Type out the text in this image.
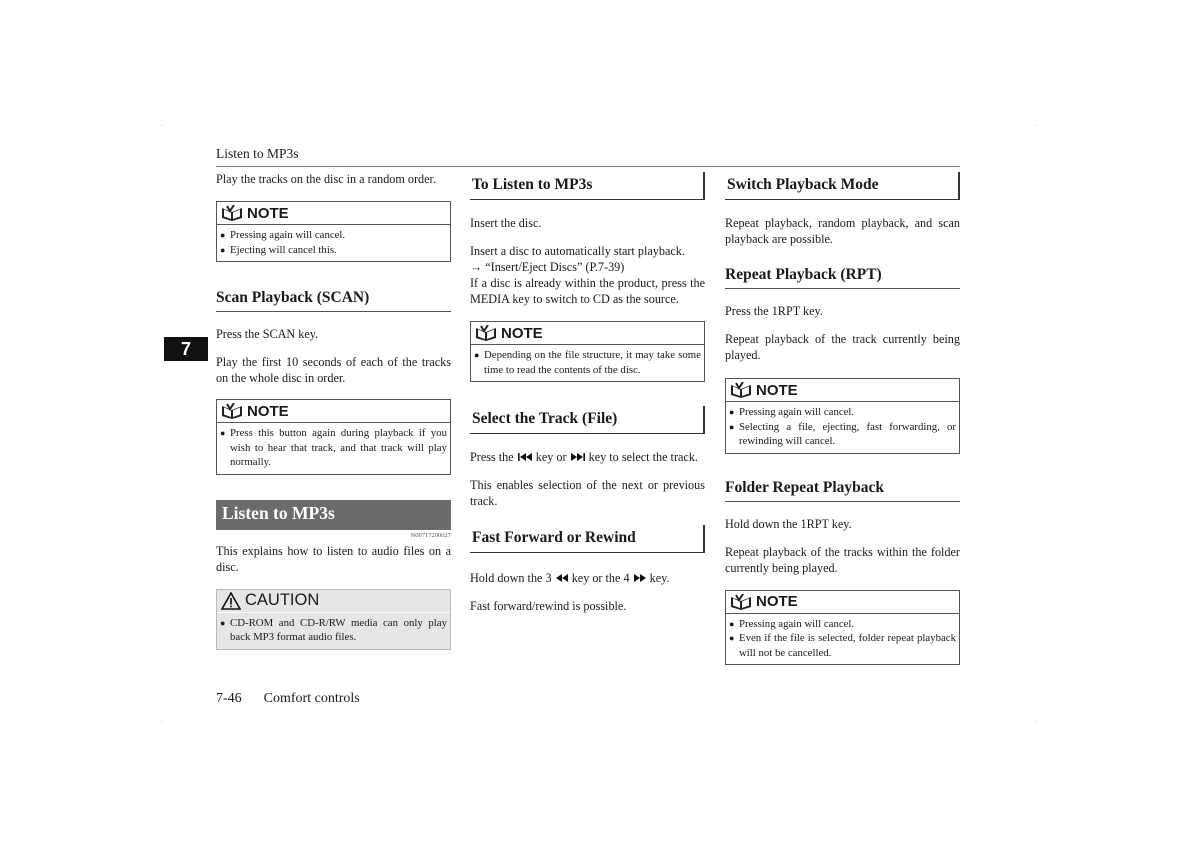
·	·
·	·
Listen to MP3s
7

Play the tracks on the disc in a random order.

NOTE
● Pressing again will cancel.
● Ejecting will cancel this.
Scan Playback (SCAN)

Press the SCAN key.

Play the first 10 seconds of each of the tracks on the whole disc in order.

NOTE
● Press this button again during playback if you wish to hear that track, and that track will play normally.
Listen to MP3s
N00717200027

This explains how to listen to audio files on a disc.

CAUTION
● CD-ROM and CD-R/RW media can only play back MP3 format audio files.
To Listen to MP3s

Insert the disc.

Insert a disc to automatically start playback.
→ “Insert/Eject Discs” (P.7-39)
If a disc is already within the product, press the MEDIA key to switch to CD as the source.

NOTE
● Depending on the file structure, it may take some time to read the contents of the disc.
Select the Track (File)

Press the  key or  key to select the track.

This enables selection of the next or previous track.

Fast Forward or Rewind

Hold down the 3  key or the 4  key.

Fast forward/rewind is possible.

Switch Playback Mode

Repeat playback, random playback, and scan playback are possible.

Repeat Playback (RPT)

Press the 1RPT key.

Repeat playback of the track currently being played.

NOTE
● Pressing again will cancel.
● Selecting a file, ejecting, fast forwarding, or rewinding will cancel.
Folder Repeat Playback

Hold down the 1RPT key.

Repeat playback of the tracks within the folder currently being played.

NOTE
● Pressing again will cancel.
● Even if the file is selected, folder repeat playback will not be cancelled.
7-46 Comfort controls
